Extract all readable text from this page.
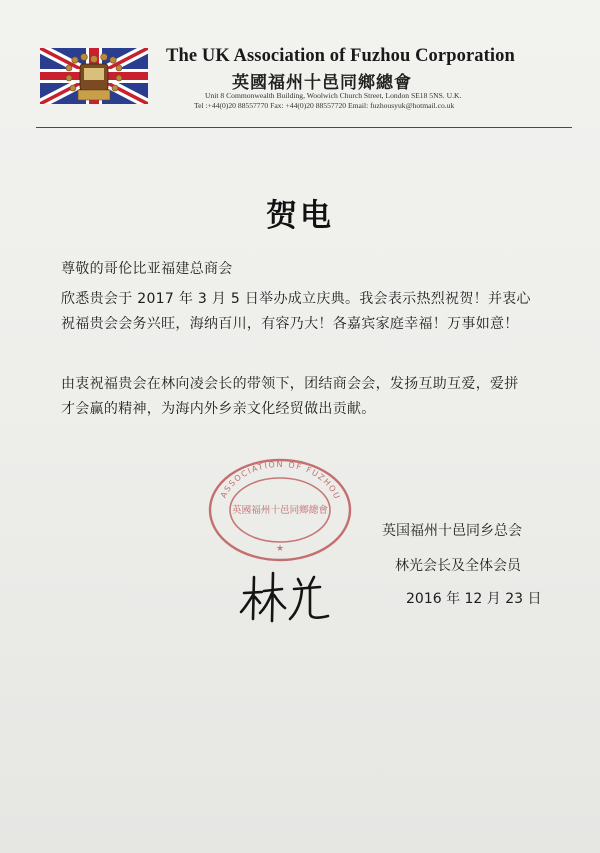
The UK Association of Fuzhou Corporation
英國福州十邑同鄉總會
Unit 8 Commonwealth Building, Woolwich Church Street, London SE18 5NS. U.K.
Tel :+44(0)20 88557770 Fax: +44(0)20 88557720 Email: fuzhousyuk@hotmail.co.uk
贺电
尊敬的哥伦比亚福建总商会
欣悉贵会于 2017 年 3 月 5 日举办成立庆典。我会表示热烈祝贺！并衷心
祝福贵会会务兴旺，海纳百川，有容乃大！各嘉宾家庭幸福！万事如意！
由衷祝福贵会在林向凌会长的带领下，团结商会会，发扬互助互爱，爱拼
才会赢的精神，为海内外乡亲文化经贸做出贡献。
ASSOCIATION OF FUZHOU
英國福州十邑同鄉總會
★
英国福州十邑同乡总会
林光会长及全体会员
2016 年 12 月 23 日
